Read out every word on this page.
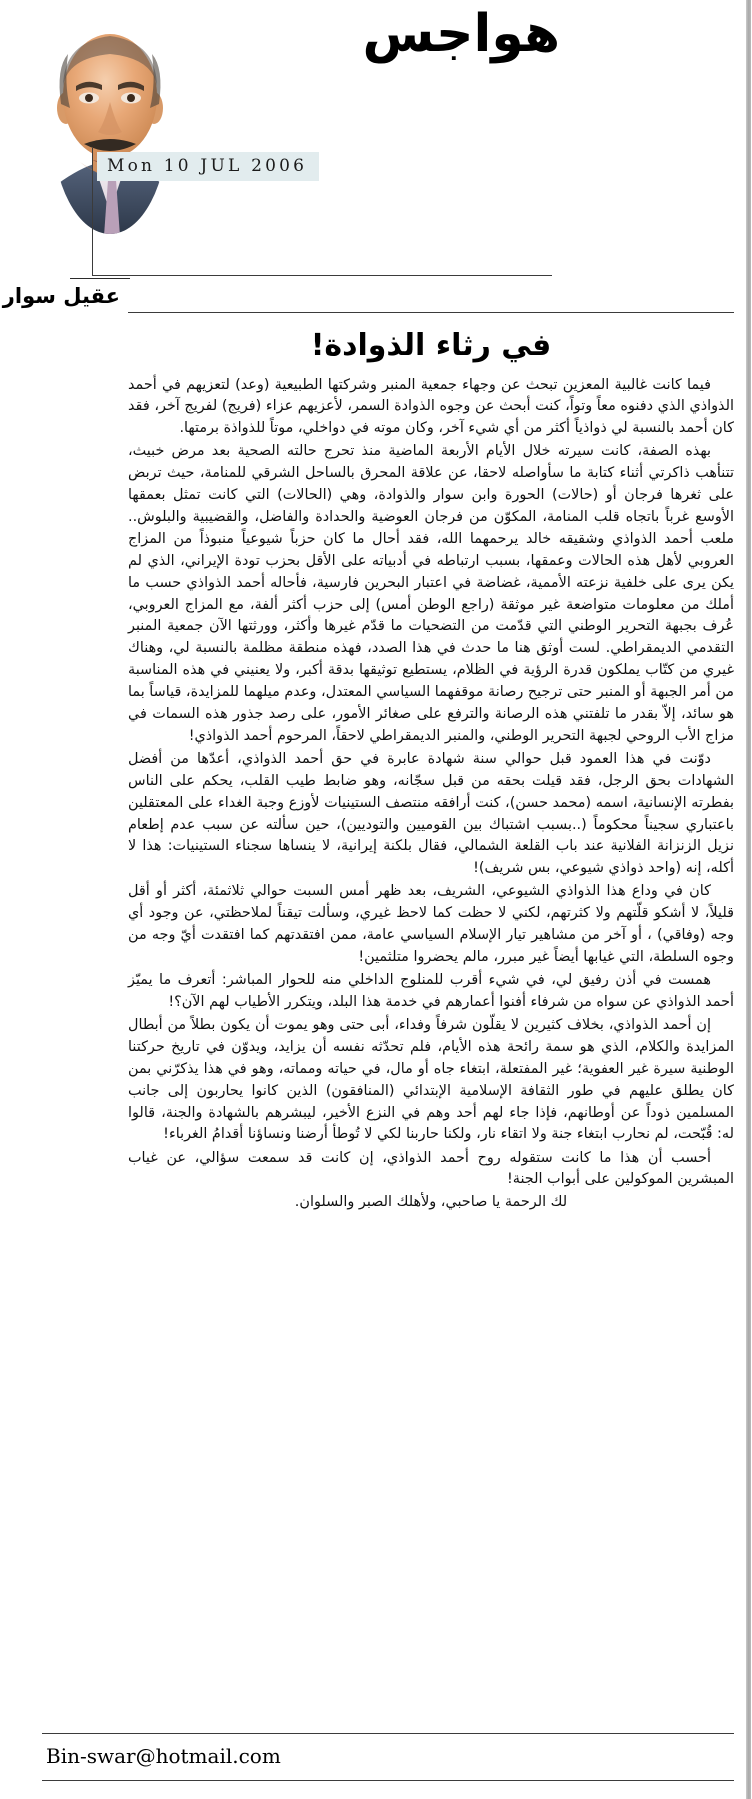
هواجس
Mon 10 JUL 2006
عقيل سوار
في رثاء الذوادة!

فيما كانت غالبية المعزين تبحث عن وجهاء جمعية المنبر وشركتها الطبيعية (وعد) لتعزيهم في أحمد الذواذي الذي دفنوه معاً وتواً، كنت أبحث عن وجوه الذوادة السمر، لأعزيهم عزاء (فريج) لفريج آخر، فقد كان أحمد بالنسبة لي ذواذياً أكثر من أي شيء آخر، وكان موته في دواخلي، موتاً للذواذة برمتها.

بهذه الصفة، كانت سيرته خلال الأيام الأربعة الماضية منذ تحرج حالته الصحية بعد مرض خبيث، تتنأهب ذاكرتي أثناء كتابة ما سأواصله لاحقا، عن علاقة المحرق بالساحل الشرقي للمنامة، حيث تربض على ثغرها فرجان أو (حالات) الحورة وابن سوار والذوادة، وهي (الحالات) التي كانت تمثل بعمقها الأوسع غرباً باتجاه قلب المنامة، المكوّن من فرجان العوضية والحدادة والفاضل، والقضيبية والبلوش.. ملعب أحمد الذواذي وشقيقه خالد يرحمهما الله، فقد أحال ما كان حزباً شيوعياً منبوذاً من المزاج العروبي لأهل هذه الحالات وعمقها، بسبب ارتباطه في أدبياته على الأقل بحزب تودة الإيراني، الذي لم يكن يرى على خلفية نزعته الأممية، غضاضة في اعتبار البحرين فارسية، فأحاله أحمد الذواذي حسب ما أملك من معلومات متواضعة غير موثقة (راجع الوطن أمس) إلى حزب أكثر ألفة، مع المزاج العروبي، عُرف بجبهة التحرير الوطني التي قدّمت من التضحيات ما قدّم غيرها وأكثر، وورثتها الآن جمعية المنبر التقدمي الديمقراطي. لست أوثق هنا ما حدث في هذا الصدد، فهذه منطقة مظلمة بالنسبة لي، وهناك غيري من كتّاب يملكون قدرة الرؤية في الظلام، يستطيع توثيقها بدقة أكبر، ولا يعنيني في هذه المناسبة من أمر الجبهة أو المنبر حتى ترجيح رصانة موقفهما السياسي المعتدل، وعدم ميلهما للمزايدة، قياساً بما هو سائد، إلاّ بقدر ما تلفتني هذه الرصانة والترفع على صغائر الأمور، على رصد جذور هذه السمات في مزاج الأب الروحي لجبهة التحرير الوطني، والمنبر الديمقراطي لاحقاً، المرحوم أحمد الذواذي!

دوّنت في هذا العمود قبل حوالي سنة شهادة عابرة في حق أحمد الذواذي، أعدّها من أفضل الشهادات بحق الرجل، فقد قيلت بحقه من قبل سجّانه، وهو ضابط طيب القلب، يحكم على الناس بفطرته الإنسانية، اسمه (محمد حسن)، كنت أرافقه منتصف الستينيات لأوزع وجبة الغداء على المعتقلين باعتباري سجيناً محكوماً (..بسبب اشتباك بين القوميين والتوديين)، حين سألته عن سبب عدم إطعام نزيل الزنزانة الفلانية عند باب القلعة الشمالي، فقال بلكنة إيرانية، لا ينساها سجناء الستينيات: هذا لا أكله، إنه (واحد ذواذي شيوعي، بس شريف)!

كان في وداع هذا الذواذي الشيوعي، الشريف، بعد ظهر أمس السبت حوالي ثلاثمئة، أكثر أو أقل قليلاً، لا أشكو قلّتهم ولا كثرتهم، لكني لا حظت كما لاحظ غيري، وسألت تيقناً لملاحظتي، عن وجود أي وجه (وفاقي) ، أو آخر من مشاهير تيار الإسلام السياسي عامة، ممن افتقدتهم كما افتقدت أيّ وجه من وجوه السلطة، التي غيابها أيضاً غير مبرر، مالم يحضروا متلثمين!

همست في أذن رفيق لي، في شيء أقرب للمنلوج الداخلي منه للحوار المباشر: أتعرف ما يميّز أحمد الذواذي عن سواه من شرفاء أفنوا أعمارهم في خدمة هذا البلد، ويتكرر الأطياب لهم الآن؟!

إن أحمد الذواذي، بخلاف كثيرين لا يقلّون شرفاً وفداء، أبى حتى وهو يموت أن يكون بطلاً من أبطال المزايدة والكلام، الذي هو سمة رائحة هذه الأيام، فلم تحدّثه نفسه أن يزايد، ويدوّن في تاريخ حركتنا الوطنية سيرة غير العفوية؛ غير المفتعلة، ابتغاء جاه أو مال، في حياته ومماته، وهو في هذا يذكرّني بمن كان يطلق عليهم في طور الثقافة الإسلامية الإبتدائي (المنافقون) الذين كانوا يحاربون إلى جانب المسلمين ذوداً عن أوطانهم، فإذا جاء لهم أحد وهم في النزع الأخير، ليبشرهم بالشهادة والجنة، قالوا له: قُبّحت، لم نحارب ابتغاء جنة ولا اتقاء نار، ولكنا حاربنا لكي لا تُوطأ أرضنا ونساؤنا أقدامُ الغرباء!

أحسب أن هذا ما كانت ستقوله روح أحمد الذواذي، إن كانت قد سمعت سؤالي، عن غياب المبشرين الموكولين على أبواب الجنة!

لك الرحمة يا صاحبي، ولأهلك الصبر والسلوان.

Bin-swar@hotmail.com
